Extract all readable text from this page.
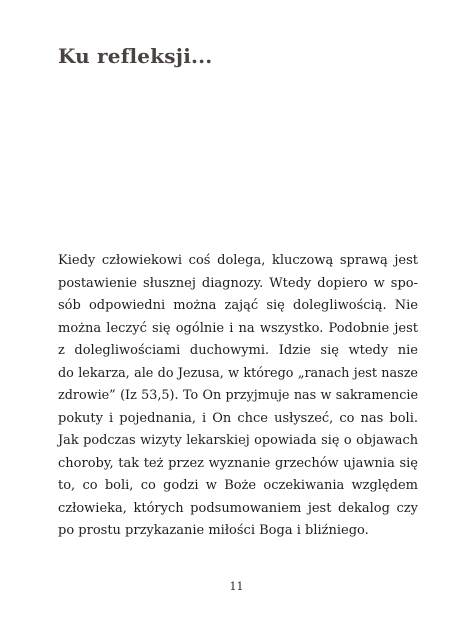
Ku refleksji...
Kiedy człowiekowi coś dolega, kluczową sprawą jest
postawienie słusznej diagnozy. Wtedy dopiero w spo-
sób odpowiedni można zająć się dolegliwością. Nie
można leczyć się ogólnie i na wszystko. Podobnie jest
z dolegliwościami duchowymi. Idzie się wtedy nie
do lekarza, ale do Jezusa, w którego „ranach jest nasze
zdrowie” (Iz 53,5). To On przyjmuje nas w sakramencie
pokuty i pojednania, i On chce usłyszeć, co nas boli.
Jak podczas wizyty lekarskiej opowiada się o objawach
choroby, tak też przez wyznanie grzechów ujawnia się
to, co boli, co godzi w Boże oczekiwania względem
człowieka, których podsumowaniem jest dekalog czy
po prostu przykazanie miłości Boga i bliźniego.
11
